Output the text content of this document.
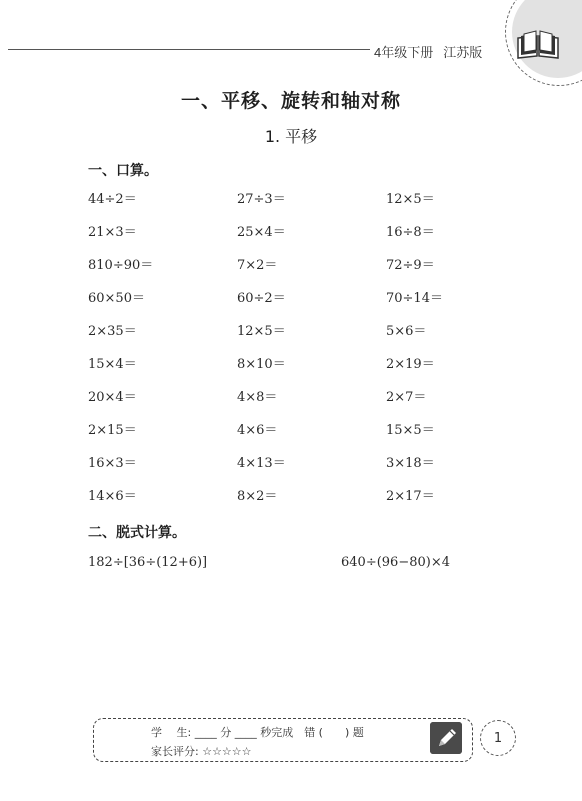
4年级下册 江苏版
一、平移、旋转和轴对称
1. 平移
一、口算。
44÷2＝	27÷3＝	12×5＝
21×3＝	25×4＝	16÷8＝
810÷90＝	7×2＝	72÷9＝
60×50＝	60÷2＝	70÷14＝
2×35＝	12×5＝	5×6＝
15×4＝	8×10＝	2×19＝
20×4＝	4×8＝	2×7＝
2×15＝	4×6＝	15×5＝
16×3＝	4×13＝	3×18＝
14×6＝	8×2＝	2×17＝
二、脱式计算。
182÷[36÷(12+6)]	640÷(96−80)×4
学　 生: ____ 分 ____ 秒完成　错 (　　) 题
家长评分: ☆☆☆☆☆
1
